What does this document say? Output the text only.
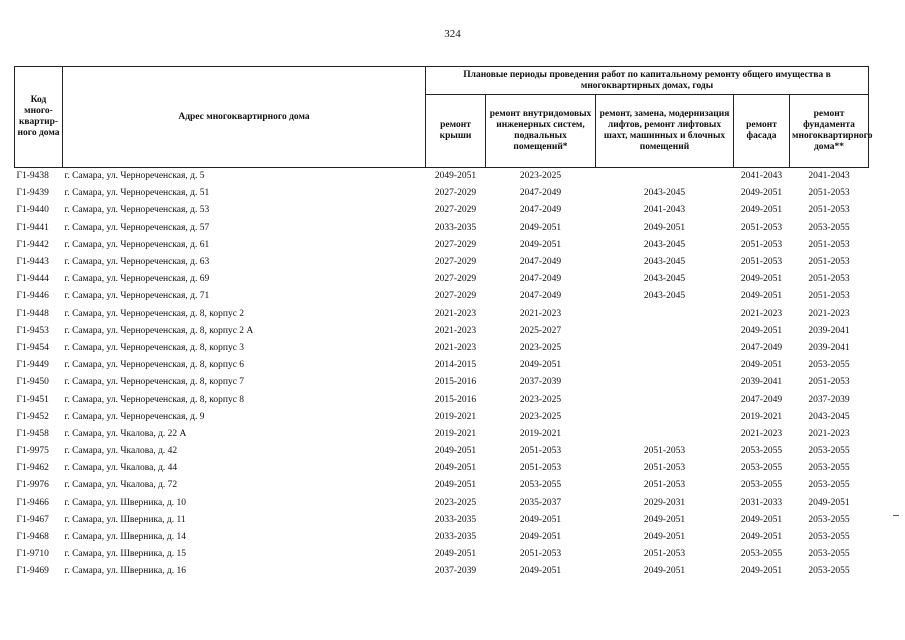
324
Код много-квартир-ного дома	Адрес многоквартирного дома	Плановые периоды проведения работ по капитальному ремонту общего имущества в многоквартирных домах, годы				
		ремонт крыши	ремонт внутридомовых инженерных систем, подвальных помещений*	ремонт, замена, модернизация лифтов, ремонт лифтовых шахт, машинных и блочных помещений	ремонт фасада	ремонт фундамента многоквартирного дома**
Г1-9438	г. Самара, ул. Чернореченская, д. 5	2049-2051	2023-2025		2041-2043	2041-2043
Г1-9439	г. Самара, ул. Чернореченская, д. 51	2027-2029	2047-2049	2043-2045	2049-2051	2051-2053
Г1-9440	г. Самара, ул. Чернореченская, д. 53	2027-2029	2047-2049	2041-2043	2049-2051	2051-2053
Г1-9441	г. Самара, ул. Чернореченская, д. 57	2033-2035	2049-2051	2049-2051	2051-2053	2053-2055
Г1-9442	г. Самара, ул. Чернореченская, д. 61	2027-2029	2049-2051	2043-2045	2051-2053	2051-2053
Г1-9443	г. Самара, ул. Чернореченская, д. 63	2027-2029	2047-2049	2043-2045	2051-2053	2051-2053
Г1-9444	г. Самара, ул. Чернореченская, д. 69	2027-2029	2047-2049	2043-2045	2049-2051	2051-2053
Г1-9446	г. Самара, ул. Чернореченская, д. 71	2027-2029	2047-2049	2043-2045	2049-2051	2051-2053
Г1-9448	г. Самара, ул. Чернореченская, д. 8, корпус 2	2021-2023	2021-2023		2021-2023	2021-2023
Г1-9453	г. Самара, ул. Чернореченская, д. 8, корпус 2 А	2021-2023	2025-2027		2049-2051	2039-2041
Г1-9454	г. Самара, ул. Чернореченская, д. 8, корпус 3	2021-2023	2023-2025		2047-2049	2039-2041
Г1-9449	г. Самара, ул. Чернореченская, д. 8, корпус 6	2014-2015	2049-2051		2049-2051	2053-2055
Г1-9450	г. Самара, ул. Чернореченская, д. 8, корпус 7	2015-2016	2037-2039		2039-2041	2051-2053
Г1-9451	г. Самара, ул. Чернореченская, д. 8, корпус 8	2015-2016	2023-2025		2047-2049	2037-2039
Г1-9452	г. Самара, ул. Чернореченская, д. 9	2019-2021	2023-2025		2019-2021	2043-2045
Г1-9458	г. Самара, ул. Чкалова, д. 22 А	2019-2021	2019-2021		2021-2023	2021-2023
Г1-9975	г. Самара, ул. Чкалова, д. 42	2049-2051	2051-2053	2051-2053	2053-2055	2053-2055
Г1-9462	г. Самара, ул. Чкалова, д. 44	2049-2051	2051-2053	2051-2053	2053-2055	2053-2055
Г1-9976	г. Самара, ул. Чкалова, д. 72	2049-2051	2053-2055	2051-2053	2053-2055	2053-2055
Г1-9466	г. Самара, ул. Шверника, д. 10	2023-2025	2035-2037	2029-2031	2031-2033	2049-2051
Г1-9467	г. Самара, ул. Шверника, д. 11	2033-2035	2049-2051	2049-2051	2049-2051	2053-2055
Г1-9468	г. Самара, ул. Шверника, д. 14	2033-2035	2049-2051	2049-2051	2049-2051	2053-2055
Г1-9710	г. Самара, ул. Шверника, д. 15	2049-2051	2051-2053	2051-2053	2053-2055	2053-2055
Г1-9469	г. Самара, ул. Шверника, д. 16	2037-2039	2049-2051	2049-2051	2049-2051	2053-2055
